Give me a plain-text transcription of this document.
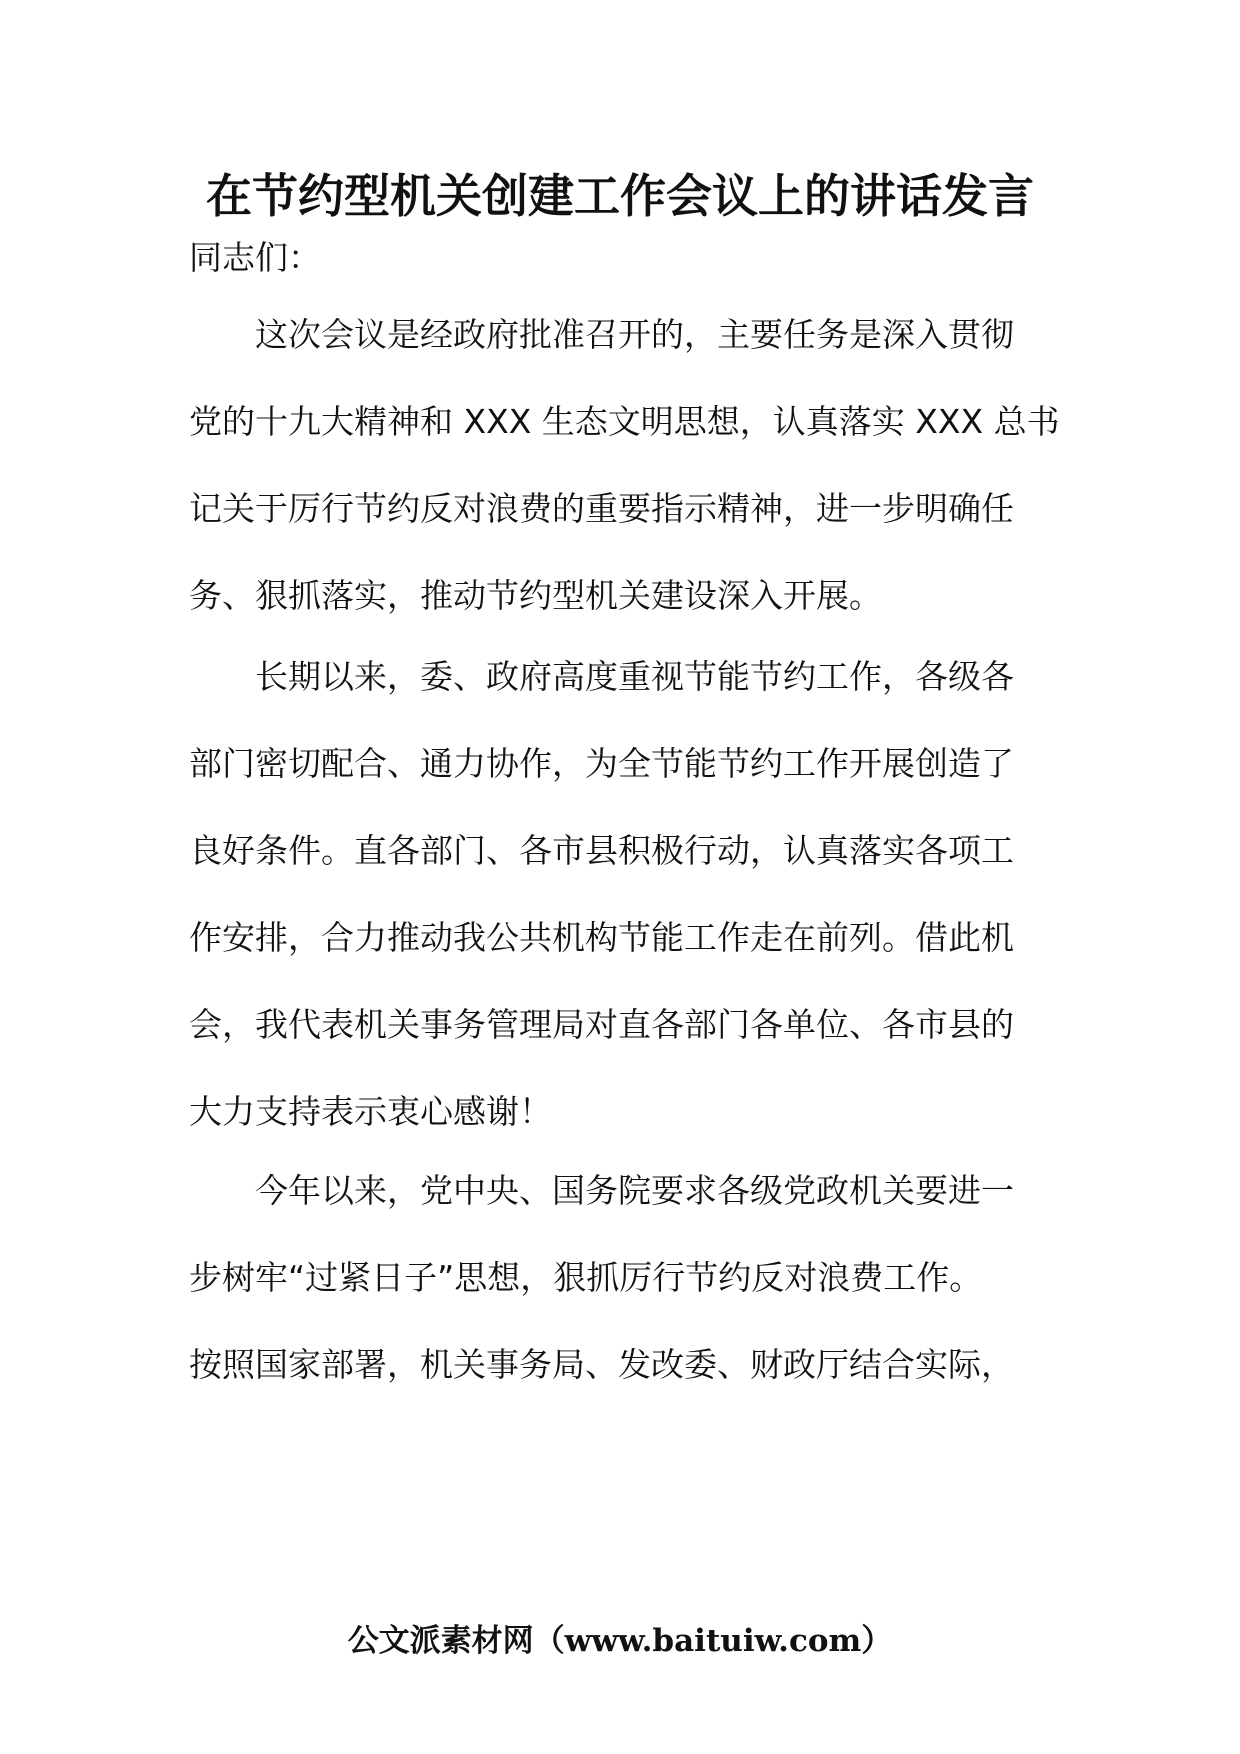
在节约型机关创建工作会议上的讲话发言

同志们：

这次会议是经政府批准召开的，主要任务是深入贯彻

党的十九大精神和 XXX 生态文明思想，认真落实 XXX 总书

记关于厉行节约反对浪费的重要指示精神，进一步明确任

务、狠抓落实，推动节约型机关建设深入开展。

长期以来，委、政府高度重视节能节约工作，各级各

部门密切配合、通力协作，为全节能节约工作开展创造了

良好条件。直各部门、各市县积极行动，认真落实各项工

作安排，合力推动我公共机构节能工作走在前列。借此机

会，我代表机关事务管理局对直各部门各单位、各市县的

大力支持表示衷心感谢！

今年以来，党中央、国务院要求各级党政机关要进一

步树牢“过紧日子”思想，狠抓厉行节约反对浪费工作。

按照国家部署，机关事务局、发改委、财政厅结合实际，

公文派素材网（www.baituiw.com）
